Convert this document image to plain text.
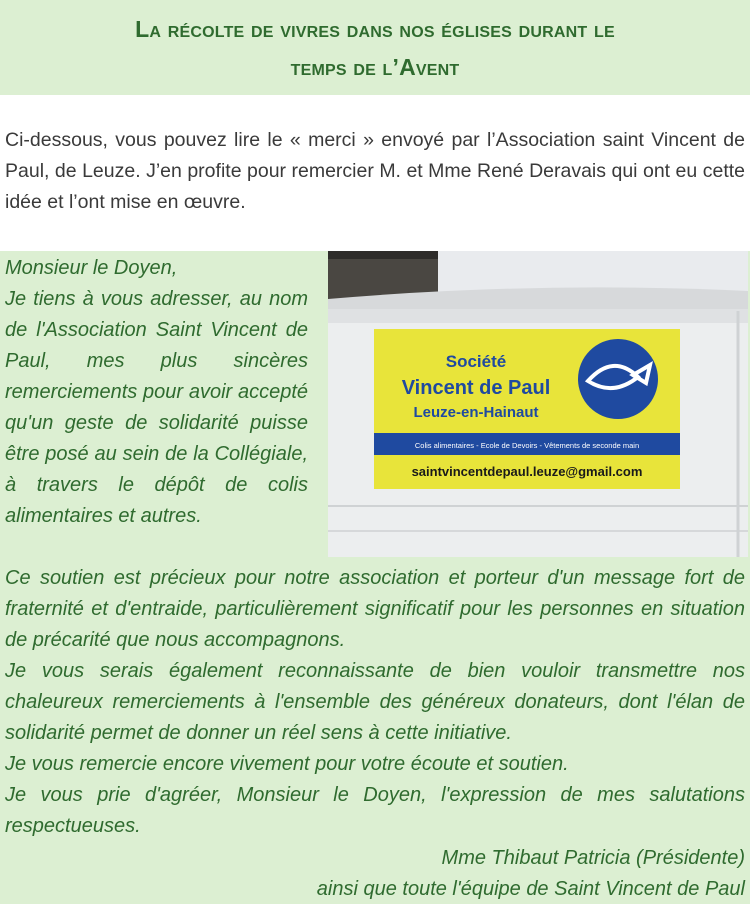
La récolte de vivres dans nos églises durant le
temps de l’Avent
Ci-dessous, vous pouvez lire le « merci » envoyé par l’Association saint Vincent de Paul, de Leuze. J’en profite pour remercier M. et Mme René Deravais qui ont eu cette idée et l’ont mise en œuvre.
Société
Vincent de Paul
Leuze-en-Hainaut
Colis alimentaires - Ecole de Devoirs - Vêtements de seconde main
saintvincentdepaul.leuze@gmail.com

Monsieur le Doyen,

Je tiens à vous adresser, au nom de l'Association Saint Vincent de Paul, mes plus sincères remerciements pour avoir accepté qu'un geste de solidarité puisse être posé au sein de la Collégiale, à travers le dépôt de colis alimentaires et autres.

Ce soutien est précieux pour notre association et porteur d'un message fort de fraternité et d'entraide, particulièrement significatif pour les personnes en situation de précarité que nous accompagnons.

Je vous serais également reconnaissante de bien vouloir transmettre nos chaleureux remerciements à l'ensemble des généreux donateurs, dont l'élan de solidarité permet de donner un réel sens à cette initiative.

Je vous remercie encore vivement pour votre écoute et soutien.

Je vous prie d'agréer, Monsieur le Doyen, l'expression de mes salutations respectueuses.

Mme Thibaut Patricia (Présidente)
ainsi que toute l'équipe de Saint Vincent de Paul
